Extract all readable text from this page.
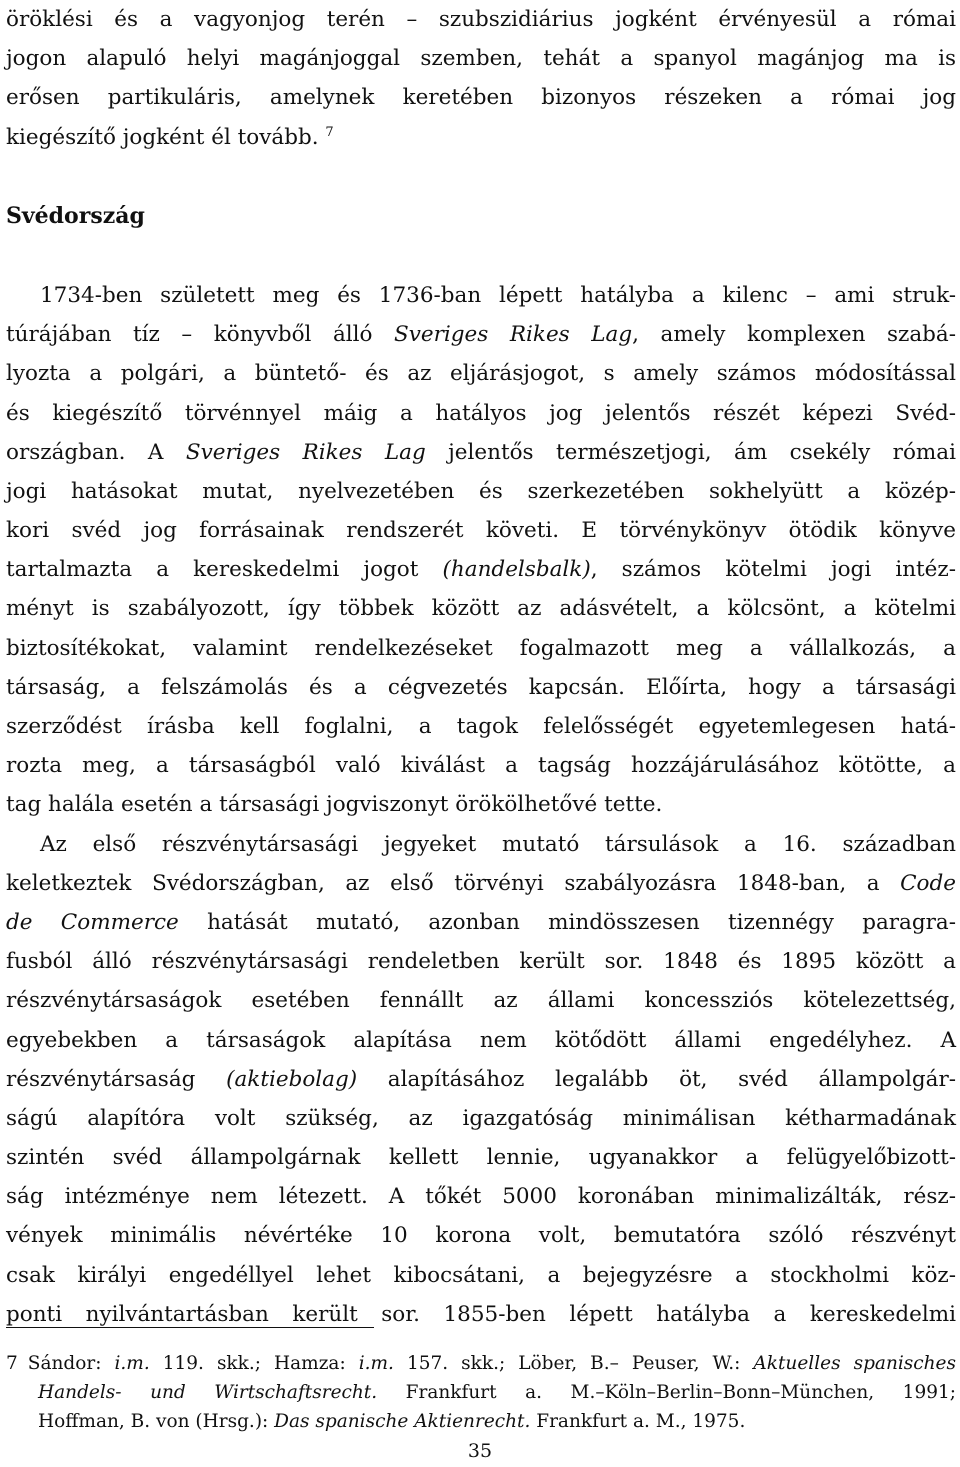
öröklési és a vagyonjog terén – szubszidiárius jogként érvényesül a római
jogon alapuló helyi magánjoggal szemben, tehát a spanyol magánjog ma is
erősen partikuláris, amelynek keretében bizonyos részeken a római jog
kiegészítő jogként él tovább. $^7$
Svédország
1734-ben született meg és 1736-ban lépett hatályba a kilenc – ami struk-
túrájában tíz – könyvből álló Sveriges Rikes Lag, amely komplexen szabá-
lyozta a polgári, a büntető- és az eljárásjogot, s amely számos módosítással
és kiegészítő törvénnyel máig a hatályos jog jelentős részét képezi Svéd-
országban. A Sveriges Rikes Lag jelentős természetjogi, ám csekély római
jogi hatásokat mutat, nyelvezetében és szerkezetében sokhelyütt a közép-
kori svéd jog forrásainak rendszerét követi. E törvénykönyv ötödik könyve
tartalmazta a kereskedelmi jogot (handelsbalk), számos kötelmi jogi intéz-
ményt is szabályozott, így többek között az adásvételt, a kölcsönt, a kötelmi
biztosítékokat, valamint rendelkezéseket fogalmazott meg a vállalkozás, a
társaság, a felszámolás és a cégvezetés kapcsán. Előírta, hogy a társasági
szerződést írásba kell foglalni, a tagok felelősségét egyetemlegesen hatá-
rozta meg, a társaságból való kiválást a tagság hozzájárulásához kötötte, a
tag halála esetén a társasági jogviszonyt örökölhetővé tette.
Az első részvénytársasági jegyeket mutató társulások a 16. században
keletkeztek Svédországban, az első törvényi szabályozásra 1848-ban, a Code
de Commerce hatását mutató, azonban mindösszesen tizennégy paragra-
fusból álló részvénytársasági rendeletben került sor. 1848 és 1895 között a
részvénytársaságok esetében fennállt az állami koncessziós kötelezettség,
egyebekben a társaságok alapítása nem kötődött állami engedélyhez. A
részvénytársaság (aktiebolag) alapításához legalább öt, svéd állampolgár-
ságú alapítóra volt szükség, az igazgatóság minimálisan kétharmadának
szintén svéd állampolgárnak kellett lennie, ugyanakkor a felügyelőbizott-
ság intézménye nem létezett. A tőkét 5000 koronában minimalizálták, rész-
vények minimális névértéke 10 korona volt, bemutatóra szóló részvényt
csak királyi engedéllyel lehet kibocsátani, a bejegyzésre a stockholmi köz-
ponti nyilvántartásban került sor. 1855-ben lépett hatályba a kereskedelmi
7 Sándor: i.m. 119. skk.; Hamza: i.m. 157. skk.; Löber, B.– Peuser, W.: Aktuelles spanisches
Handels- und Wirtschaftsrecht. Frankfurt a. M.–Köln–Berlin–Bonn–München, 1991;
Hoffman, B. von (Hrsg.): Das spanische Aktienrecht. Frankfurt a. M., 1975.
35
